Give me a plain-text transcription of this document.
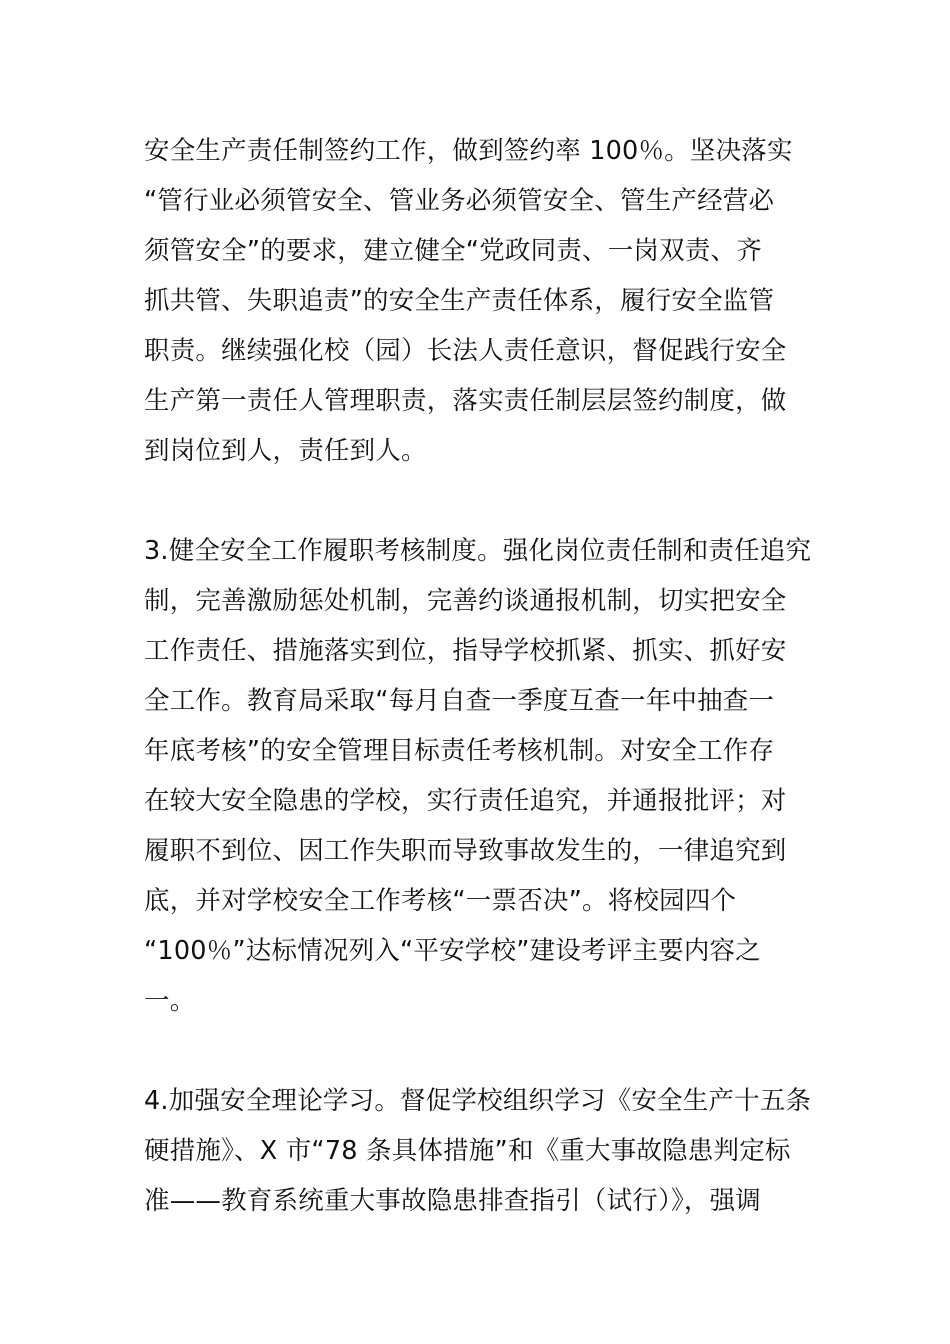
安全生产责任制签约工作，做到签约率 100％。坚决落实
“管行业必须管安全、管业务必须管安全、管生产经营必
须管安全”的要求，建立健全“党政同责、一岗双责、齐
抓共管、失职追责”的安全生产责任体系，履行安全监管
职责。继续强化校（园）长法人责任意识，督促践行安全
生产第一责任人管理职责，落实责任制层层签约制度，做
到岗位到人，责任到人。
3.健全安全工作履职考核制度。强化岗位责任制和责任追究
制，完善激励惩处机制，完善约谈通报机制，切实把安全
工作责任、措施落实到位，指导学校抓紧、抓实、抓好安
全工作。教育局采取“每月自查一季度互查一年中抽查一
年底考核”的安全管理目标责任考核机制。对安全工作存
在较大安全隐患的学校，实行责任追究，并通报批评；对
履职不到位、因工作失职而导致事故发生的，一律追究到
底，并对学校安全工作考核“一票否决”。将校园四个
“100％”达标情况列入“平安学校”建设考评主要内容之
一。
4.加强安全理论学习。督促学校组织学习《安全生产十五条
硬措施》、X 市“78 条具体措施”和《重大事故隐患判定标
准——教育系统重大事故隐患排查指引（试行）》，强调
